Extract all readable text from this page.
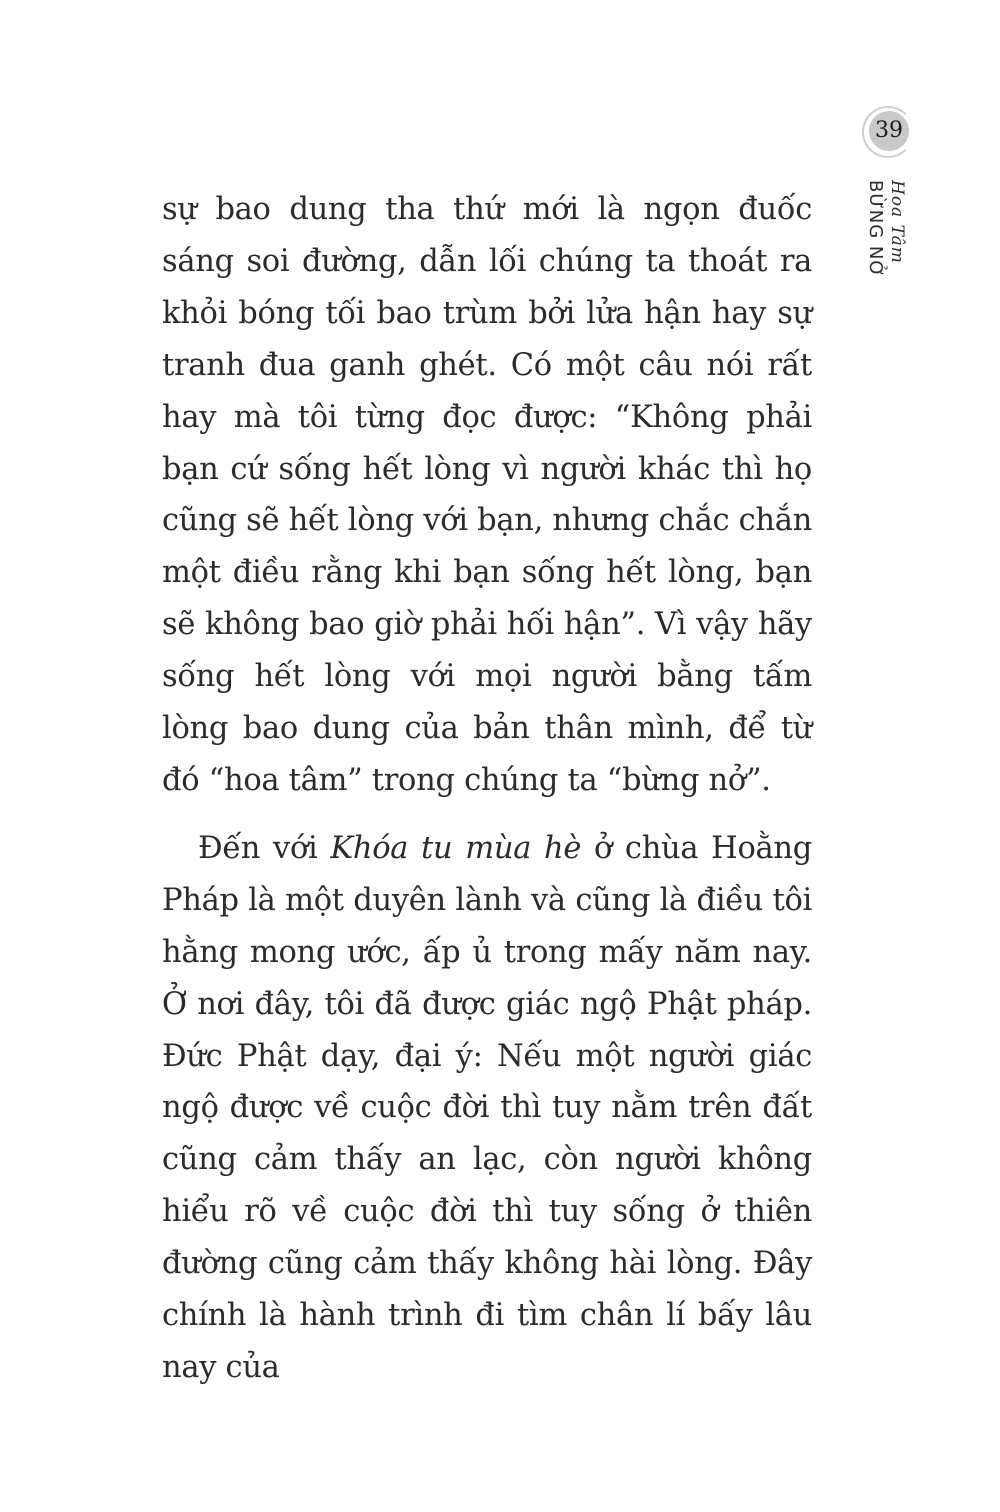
39
Hoa Tâm
BỪNG NỞ

sự bao dung tha thứ mới là ngọn đuốc sáng soi đường, dẫn lối chúng ta thoát ra khỏi bóng tối bao trùm bởi lửa hận hay sự tranh đua ganh ghét. Có một câu nói rất hay mà tôi từng đọc được: “Không phải bạn cứ sống hết lòng vì người khác thì họ cũng sẽ hết lòng với bạn, nhưng chắc chắn một điều rằng khi bạn sống hết lòng, bạn sẽ không bao giờ phải hối hận”. Vì vậy hãy sống hết lòng với mọi người bằng tấm lòng bao dung của bản thân mình, để từ đó “hoa tâm” trong chúng ta “bừng nở”.

Đến với Khóa tu mùa hè ở chùa Hoằng Pháp là một duyên lành và cũng là điều tôi hằng mong ước, ấp ủ trong mấy năm nay. Ở nơi đây, tôi đã được giác ngộ Phật pháp. Đức Phật dạy, đại ý: Nếu một người giác ngộ được về cuộc đời thì tuy nằm trên đất cũng cảm thấy an lạc, còn người không hiểu rõ về cuộc đời thì tuy sống ở thiên đường cũng cảm thấy không hài lòng. Đây chính là hành trình đi tìm chân lí bấy lâu nay của
